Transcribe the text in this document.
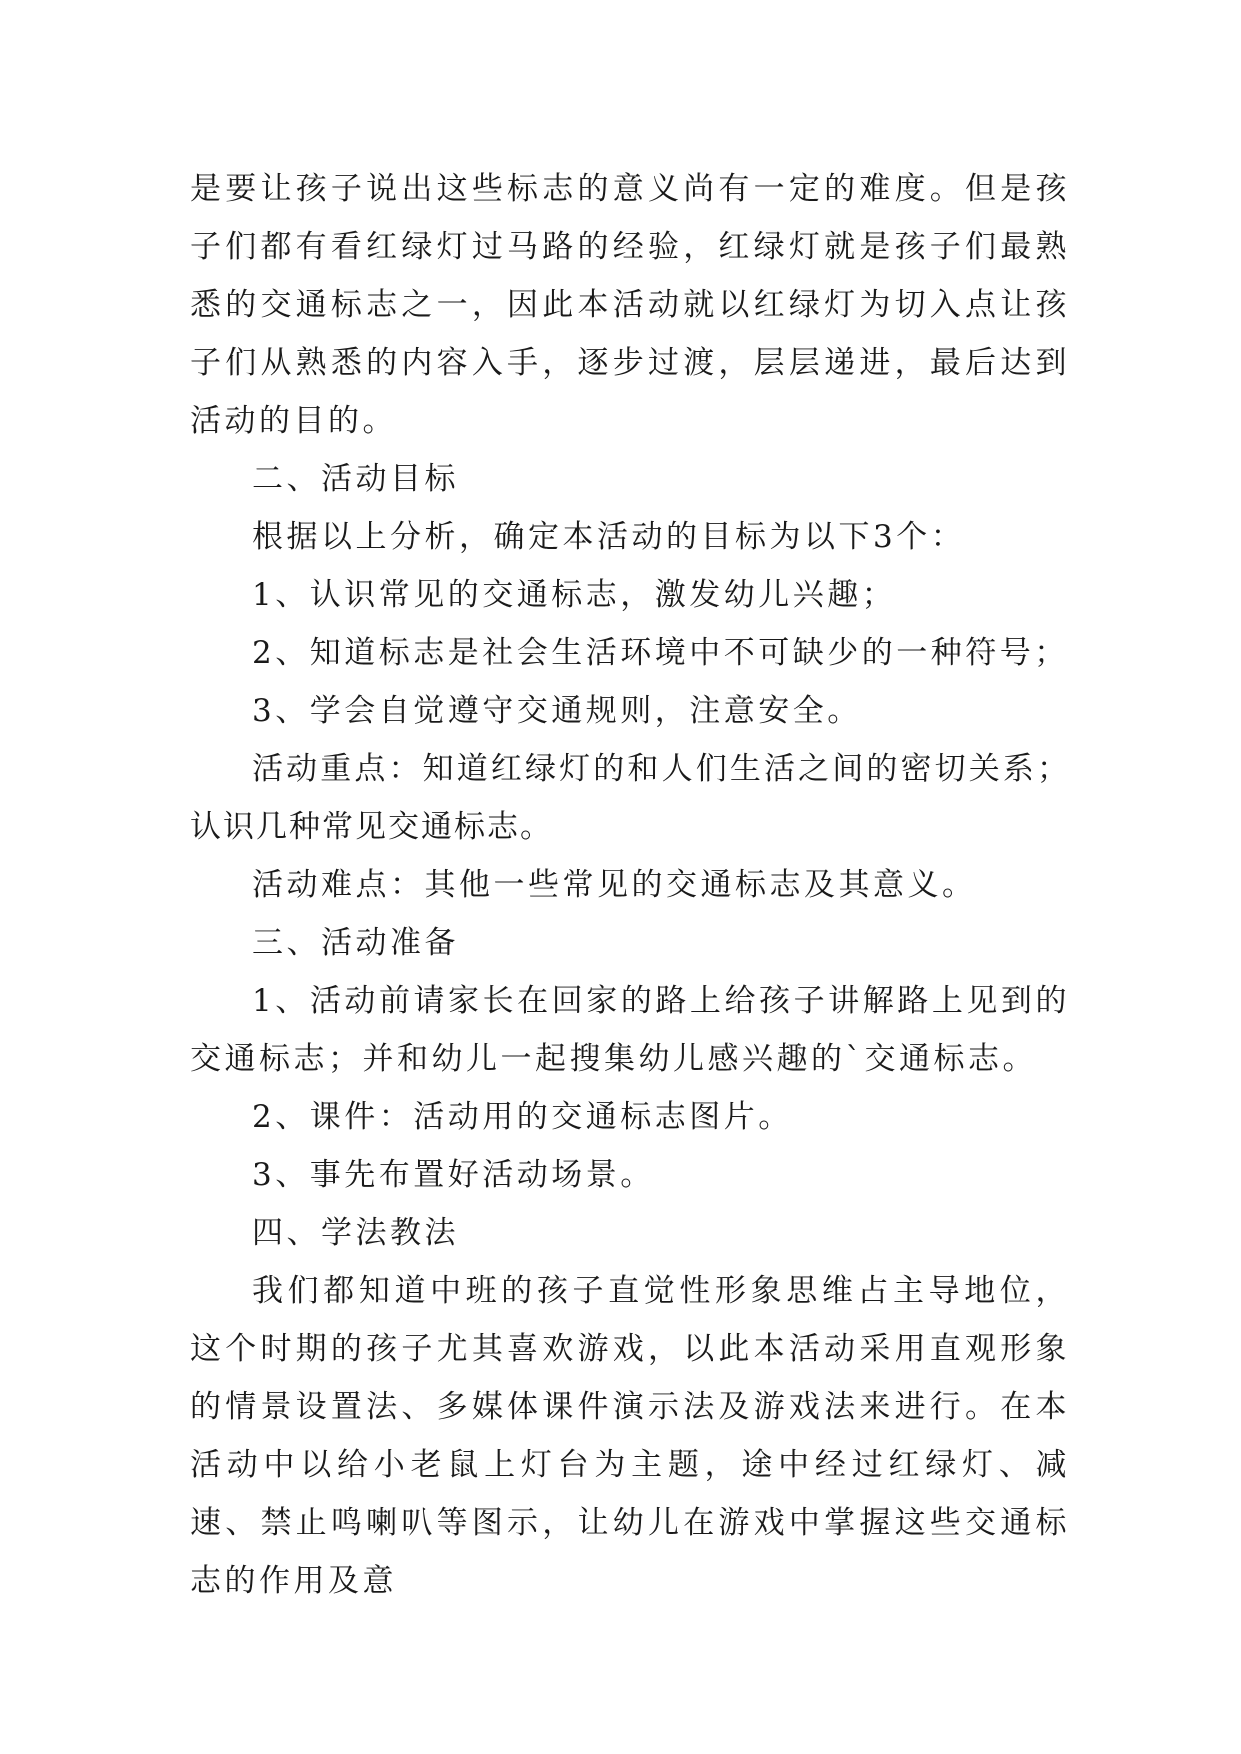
是要让孩子说出这些标志的意义尚有一定的难度。但是孩子们都有看红绿灯过马路的经验，红绿灯就是孩子们最熟悉的交通标志之一，因此本活动就以红绿灯为切入点让孩子们从熟悉的内容入手，逐步过渡，层层递进，最后达到活动的目的。

二、活动目标

根据以上分析，确定本活动的目标为以下3个：

1、认识常见的交通标志，激发幼儿兴趣；

2、知道标志是社会生活环境中不可缺少的一种符号；

3、学会自觉遵守交通规则，注意安全。

活动重点：知道红绿灯的和人们生活之间的密切关系；认识几种常见交通标志。

活动难点：其他一些常见的交通标志及其意义。

三、活动准备

1、活动前请家长在回家的路上给孩子讲解路上见到的交通标志；并和幼儿一起搜集幼儿感兴趣的`交通标志。

2、课件：活动用的交通标志图片。

3、事先布置好活动场景。

四、学法教法

我们都知道中班的孩子直觉性形象思维占主导地位，这个时期的孩子尤其喜欢游戏，以此本活动采用直观形象的情景设置法、多媒体课件演示法及游戏法来进行。在本活动中以给小老鼠上灯台为主题，途中经过红绿灯、减速、禁止鸣喇叭等图示，让幼儿在游戏中掌握这些交通标志的作用及意
